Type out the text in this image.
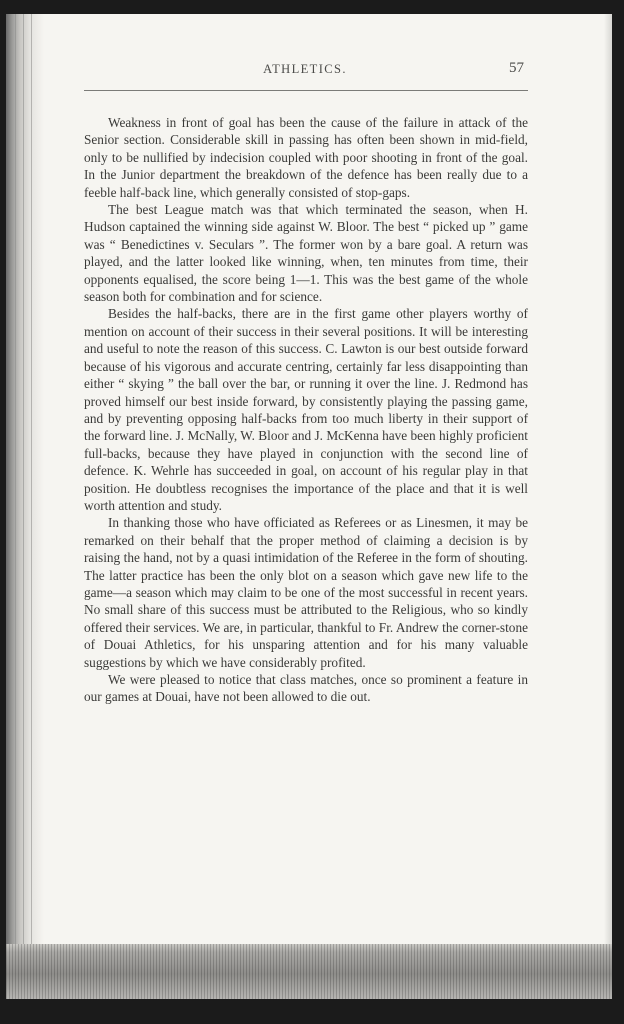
ATHLETICS.	57

Weakness in front of goal has been the cause of the failure in attack of the Senior section. Considerable skill in passing has often been shown in mid-field, only to be nullified by indecision coupled with poor shooting in front of the goal. In the Junior department the breakdown of the defence has been really due to a feeble half-back line, which generally consisted of stop-gaps.

The best League match was that which terminated the season, when H. Hudson captained the winning side against W. Bloor. The best “ picked up ” game was “ Benedictines v. Seculars ”. The former won by a bare goal. A return was played, and the latter looked like winning, when, ten minutes from time, their opponents equalised, the score being 1—1. This was the best game of the whole season both for combination and for science.

Besides the half-backs, there are in the first game other players worthy of mention on account of their success in their several positions. It will be interesting and useful to note the reason of this success. C. Lawton is our best outside forward because of his vigorous and accurate centring, certainly far less disappointing than either “ skying ” the ball over the bar, or running it over the line. J. Redmond has proved himself our best inside forward, by consistently playing the passing game, and by preventing opposing half-backs from too much liberty in their support of the forward line. J. McNally, W. Bloor and J. McKenna have been highly proficient full-backs, because they have played in conjunction with the second line of defence. K. Wehrle has succeeded in goal, on account of his regular play in that position. He doubtless recognises the importance of the place and that it is well worth attention and study.

In thanking those who have officiated as Referees or as Linesmen, it may be remarked on their behalf that the proper method of claiming a decision is by raising the hand, not by a quasi intimidation of the Referee in the form of shouting. The latter practice has been the only blot on a season which gave new life to the game—a season which may claim to be one of the most successful in recent years. No small share of this success must be attributed to the Religious, who so kindly offered their services. We are, in particular, thankful to Fr. Andrew the corner-stone of Douai Athletics, for his unsparing attention and for his many valuable suggestions by which we have considerably profited.

We were pleased to notice that class matches, once so prominent a feature in our games at Douai, have not been allowed to die out.
